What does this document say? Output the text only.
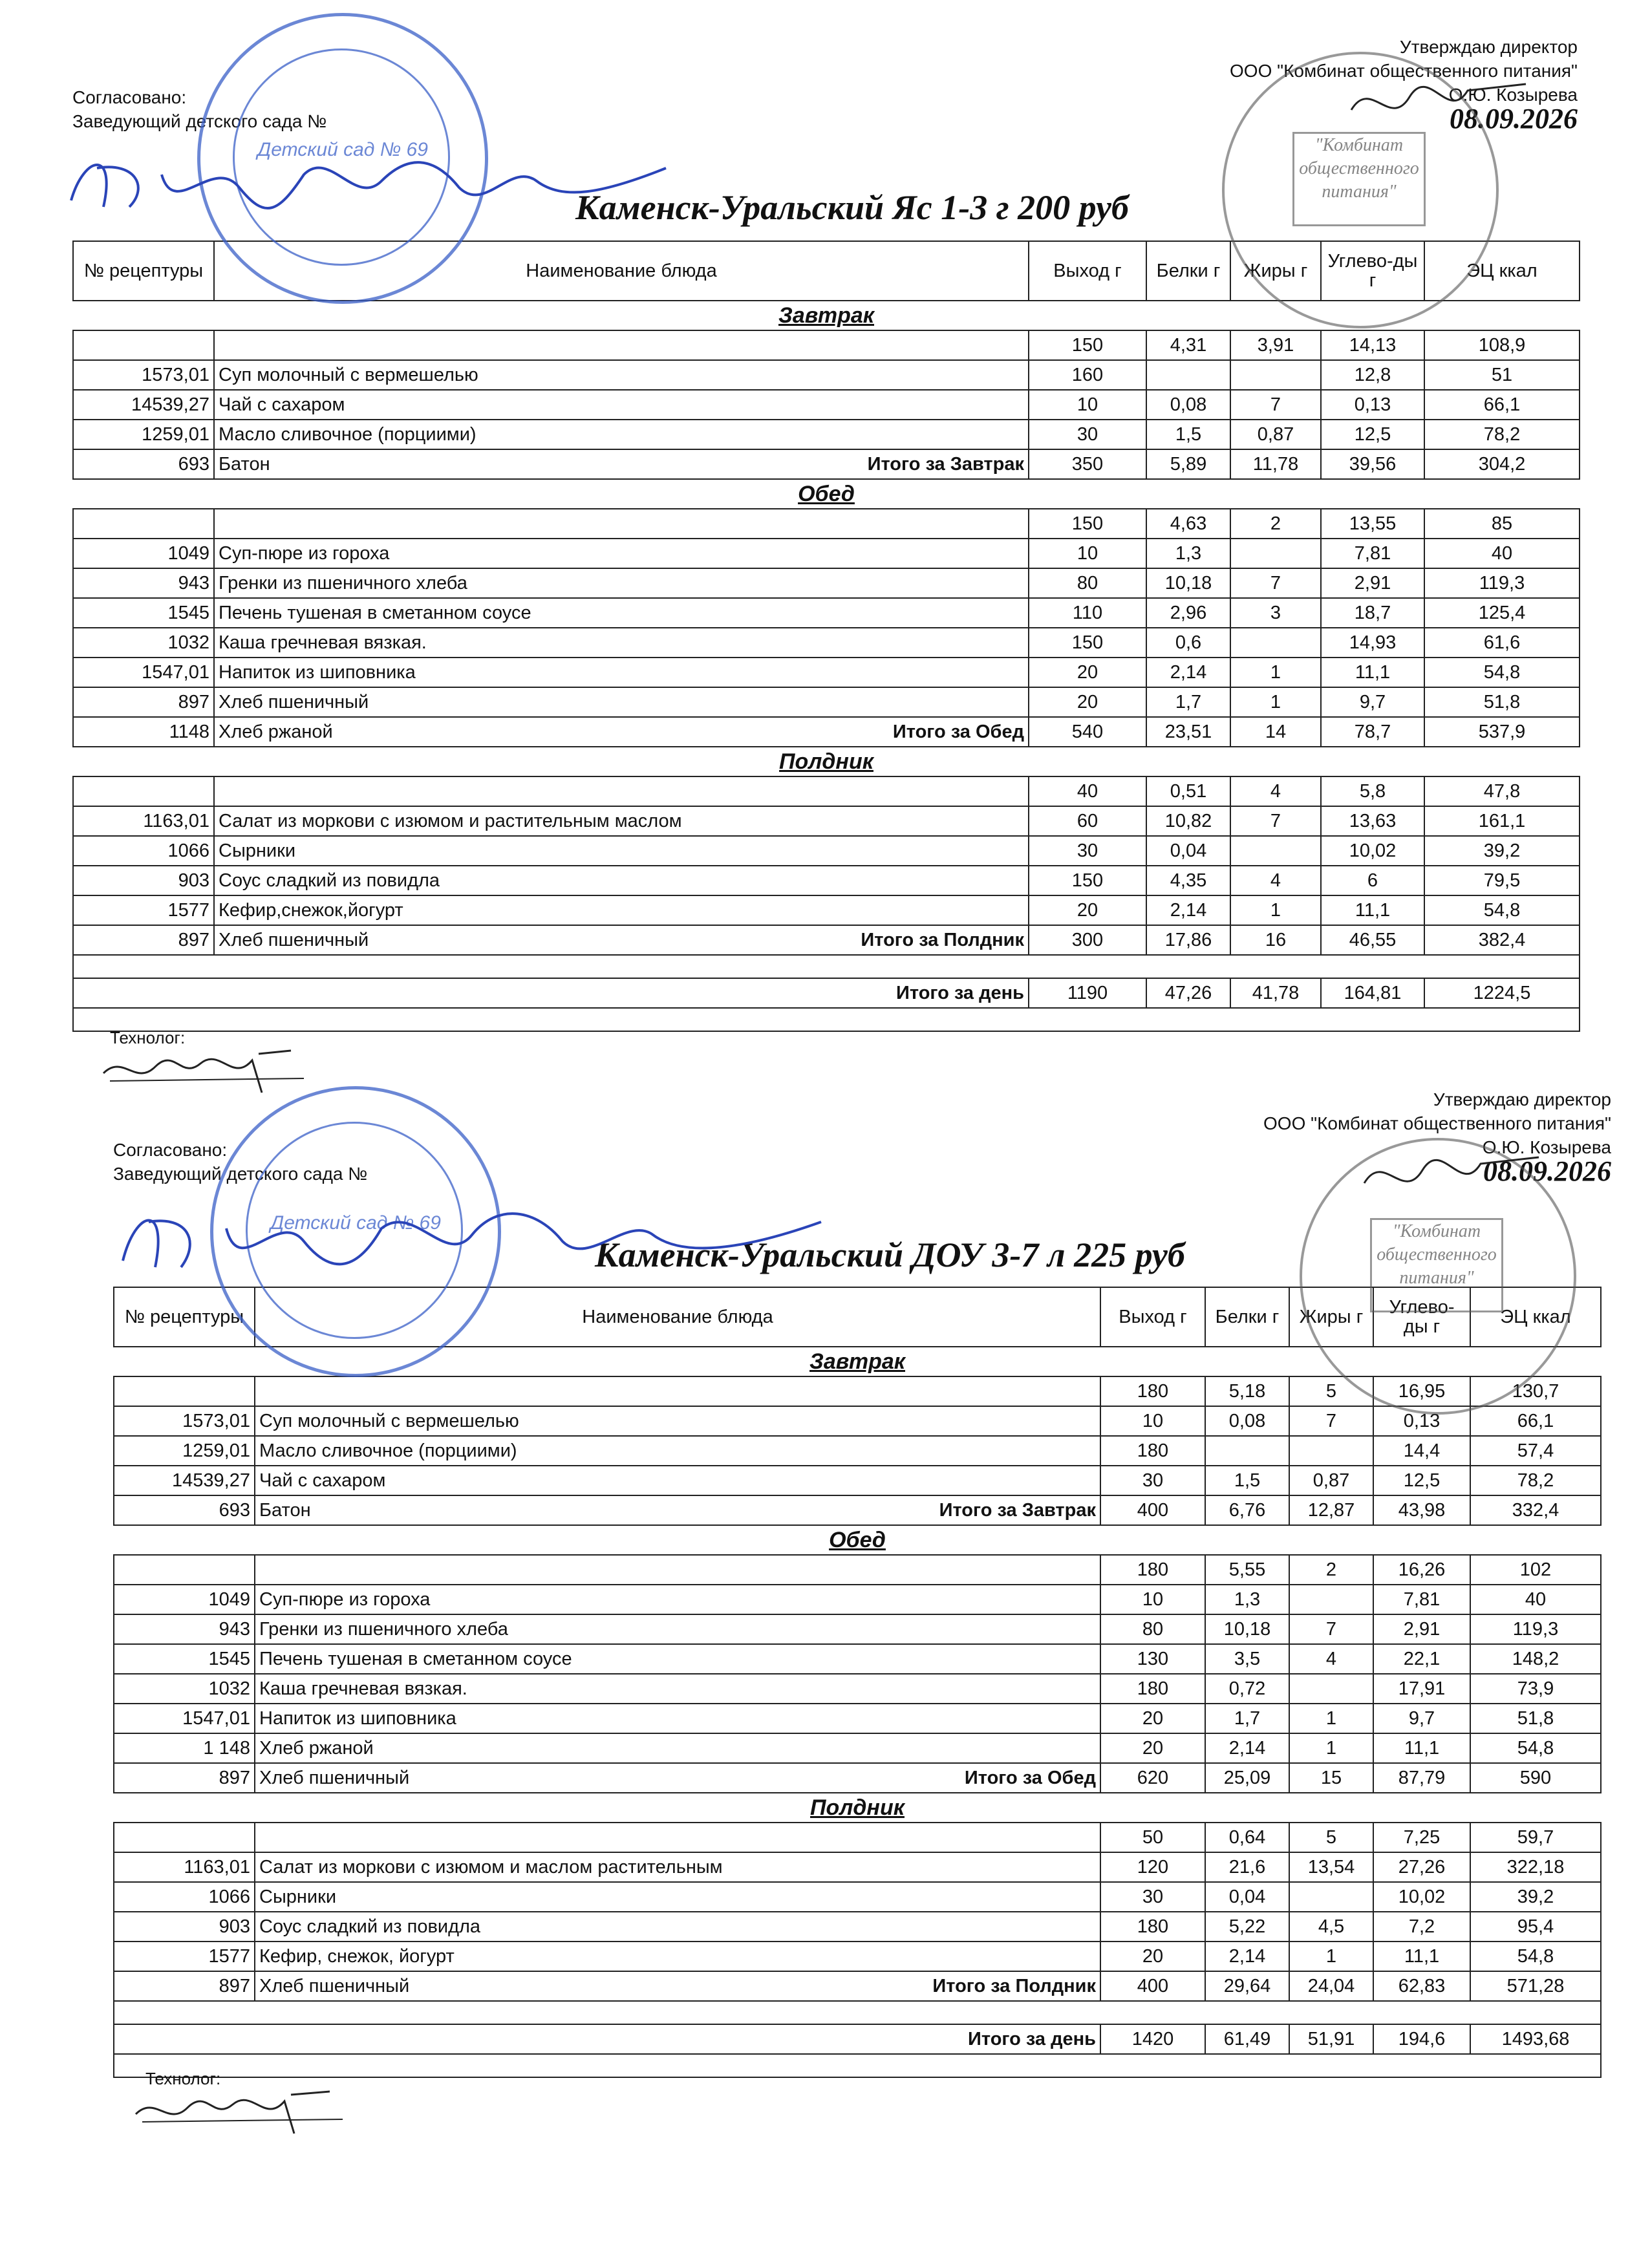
Согласовано:
Заведующий детского сада №
Утверждаю директор
ООО "Комбинат общественного питания"
О.Ю. Козырева
08.09.2026
Каменск-Уральский Яс 1-3 г 200 руб
№ рецептуры	Наименование блюда	Выход г	Белки г	Жиры г	Углево-ды г	ЭЦ ккал
Завтрак						
		150	4,31	3,91	14,13	108,9
1573,01	Суп молочный с вермешелью	160			12,8	51
14539,27	Чай с сахаром	10	0,08	7	0,13	66,1
1259,01	Масло сливочное (порциими)	30	1,5	0,87	12,5	78,2
693	Батон Итого за Завтрак	350	5,89	11,78	39,56	304,2
Обед						
		150	4,63	2	13,55	85
1049	Суп-пюре из гороха	10	1,3		7,81	40
943	Гренки из пшеничного хлеба	80	10,18	7	2,91	119,3
1545	Печень тушеная в сметанном соусе	110	2,96	3	18,7	125,4
1032	Каша гречневая вязкая.	150	0,6		14,93	61,6
1547,01	Напиток из шиповника	20	2,14	1	11,1	54,8
897	Хлеб пшеничный	20	1,7	1	9,7	51,8
1148	Хлеб ржаной Итого за Обед	540	23,51	14	78,7	537,9
Полдник						
		40	0,51	4	5,8	47,8
1163,01	Салат из моркови с изюмом и растительным маслом	60	10,82	7	13,63	161,1
1066	Сырники	30	0,04		10,02	39,2
903	Соус сладкий из повидла	150	4,35	4	6	79,5
1577	Кефир,снежок,йогурт	20	2,14	1	11,1	54,8
897	Хлеб пшеничный Итого за Полдник	300	17,86	16	46,55	382,4

Итого за день		1190	47,26	41,78	164,81	1224,5

Технолог:
Согласовано:
Заведующий детского сада №
Утверждаю директор
ООО "Комбинат общественного питания"
О.Ю. Козырева
08.09.2026
Каменск-Уральский ДОУ 3-7 л 225 руб
№ рецептуры	Наименование блюда	Выход г	Белки г	Жиры г	Углево-ды г	ЭЦ ккал
Завтрак						
		180	5,18	5	16,95	130,7
1573,01	Суп молочный с вермешелью	10	0,08	7	0,13	66,1
1259,01	Масло сливочное (порциими)	180			14,4	57,4
14539,27	Чай с сахаром	30	1,5	0,87	12,5	78,2
693	Батон Итого за Завтрак	400	6,76	12,87	43,98	332,4
Обед						
		180	5,55	2	16,26	102
1049	Суп-пюре из гороха	10	1,3		7,81	40
943	Гренки из пшеничного хлеба	80	10,18	7	2,91	119,3
1545	Печень тушеная в сметанном соусе	130	3,5	4	22,1	148,2
1032	Каша гречневая вязкая.	180	0,72		17,91	73,9
1547,01	Напиток из шиповника	20	1,7	1	9,7	51,8
1 148	Хлеб ржаной	20	2,14	1	11,1	54,8
897	Хлеб пшеничный Итого за Обед	620	25,09	15	87,79	590
Полдник						
		50	0,64	5	7,25	59,7
1163,01	Салат из моркови с изюмом и маслом растительным	120	21,6	13,54	27,26	322,18
1066	Сырники	30	0,04		10,02	39,2
903	Соус сладкий из повидла	180	5,22	4,5	7,2	95,4
1577	Кефир, снежок, йогурт	20	2,14	1	11,1	54,8
897	Хлеб пшеничный Итого за Полдник	400	29,64	24,04	62,83	571,28

Итого за день		1420	61,49	51,91	194,6	1493,68

Технолог:
Детский сад № 69
Детский сад № 69
"Комбинат общественного питания"
"Комбинат общественного питания"
